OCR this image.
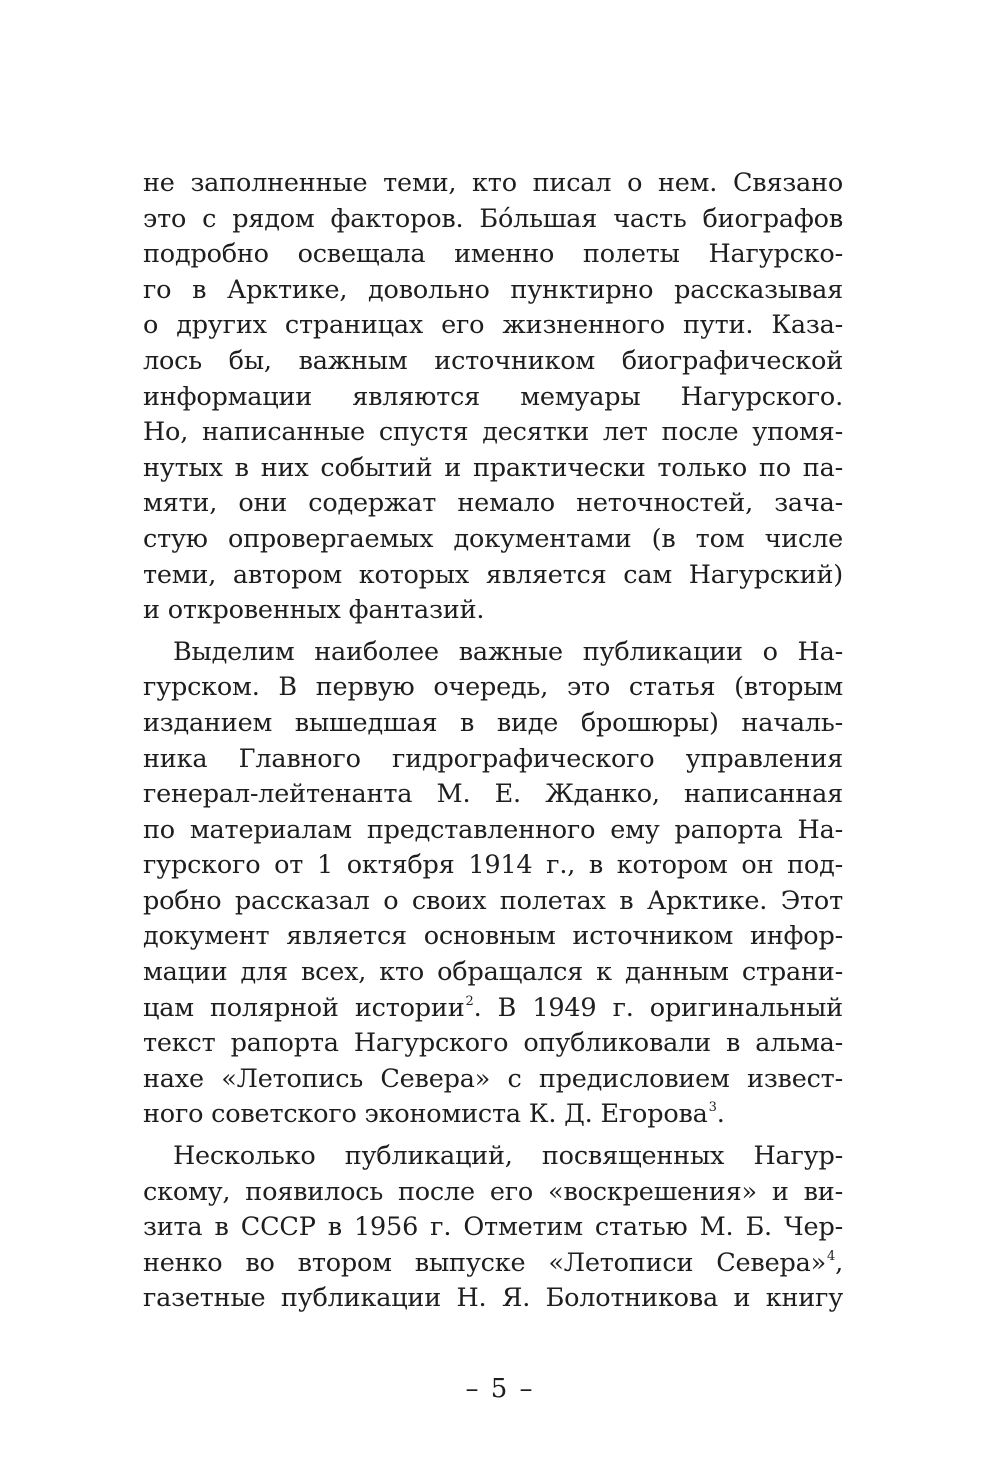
не заполненные теми, кто писал о нем. Связано
это с рядом факторов. Бо́льшая часть биографов
подробно освещала именно полеты Нагурско-
го в Арктике, довольно пунктирно рассказывая
о других страницах его жизненного пути. Каза-
лось бы, важным источником биографической
информации являются мемуары Нагурского.
Но, написанные спустя десятки лет после упомя-
нутых в них событий и практически только по па-
мяти, они содержат немало неточностей, зача-
стую опровергаемых документами (в том числе
теми, автором которых является сам Нагурский)
и откровенных фантазий.
Выделим наиболее важные публикации о На-
гурском. В первую очередь, это статья (вторым
изданием вышедшая в виде брошюры) началь-
ника Главного гидрографического управления
генерал-лейтенанта М. Е. Жданко, написанная
по материалам представленного ему рапорта На-
гурского от 1 октября 1914 г., в котором он под-
робно рассказал о своих полетах в Арктике. Этот
документ является основным источником инфор-
мации для всех, кто обращался к данным страни-
цам полярной истории$^2$. В 1949 г. оригинальный
текст рапорта Нагурского опубликовали в альма-
нахе «Летопись Севера» с предисловием извест-
ного советского экономиста К. Д. Егорова$^3$.
Несколько публикаций, посвященных Нагур-
скому, появилось после его «воскрешения» и ви-
зита в СССР в 1956 г. Отметим статью М. Б. Чер-
ненко во втором выпуске «Летописи Севера»$^4$,
газетные публикации Н. Я. Болотникова и книгу
– 5 –
